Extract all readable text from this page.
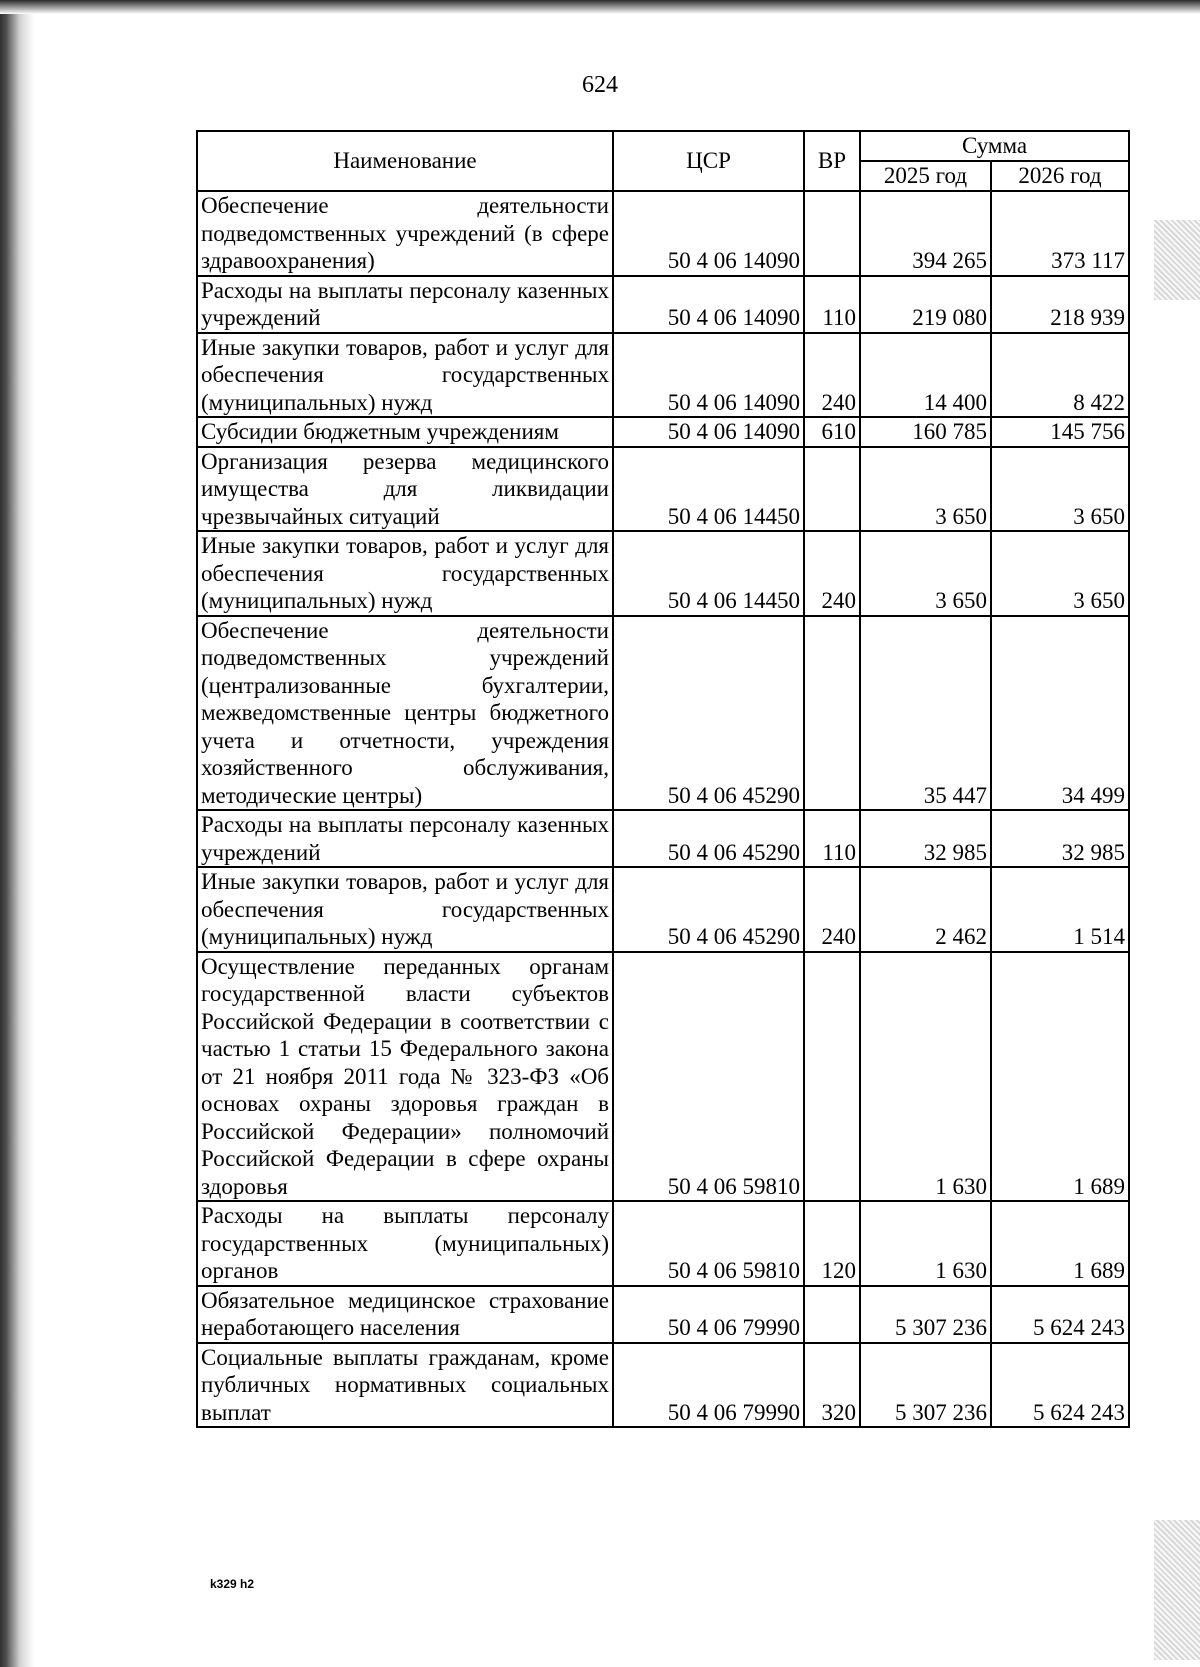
624
Наименование	ЦСР	ВР	Сумма	
			2025 год	2026 год
Обеспечение деятельности подведомственных учреждений (в сфере здравоохранения)	50 4 06 14090		394 265	373 117
Расходы на выплаты персоналу казенных учреждений	50 4 06 14090	110	219 080	218 939
Иные закупки товаров, работ и услуг для обеспечения государственных (муниципальных) нужд	50 4 06 14090	240	14 400	8 422
Субсидии бюджетным учреждениям	50 4 06 14090	610	160 785	145 756
Организация резерва медицинского имущества для ликвидации чрезвычайных ситуаций	50 4 06 14450		3 650	3 650
Иные закупки товаров, работ и услуг для обеспечения государственных (муниципальных) нужд	50 4 06 14450	240	3 650	3 650
Обеспечение деятельности подведомственных учреждений (централизованные бухгалтерии, межведомственные центры бюджетного учета и отчетности, учреждения хозяйственного обслуживания, методические центры)	50 4 06 45290		35 447	34 499
Расходы на выплаты персоналу казенных учреждений	50 4 06 45290	110	32 985	32 985
Иные закупки товаров, работ и услуг для обеспечения государственных (муниципальных) нужд	50 4 06 45290	240	2 462	1 514
Осуществление переданных органам государственной власти субъектов Российской Федерации в соответствии с частью 1 статьи 15 Федерального закона от 21 ноября 2011 года № 323-ФЗ «Об основах охраны здоровья граждан в Российской Федерации» полномочий Российской Федерации в сфере охраны здоровья	50 4 06 59810		1 630	1 689
Расходы на выплаты персоналу государственных (муниципальных) органов	50 4 06 59810	120	1 630	1 689
Обязательное медицинское страхование неработающего населения	50 4 06 79990		5 307 236	5 624 243
Социальные выплаты гражданам, кроме публичных нормативных социальных выплат	50 4 06 79990	320	5 307 236	5 624 243
k329 h2
